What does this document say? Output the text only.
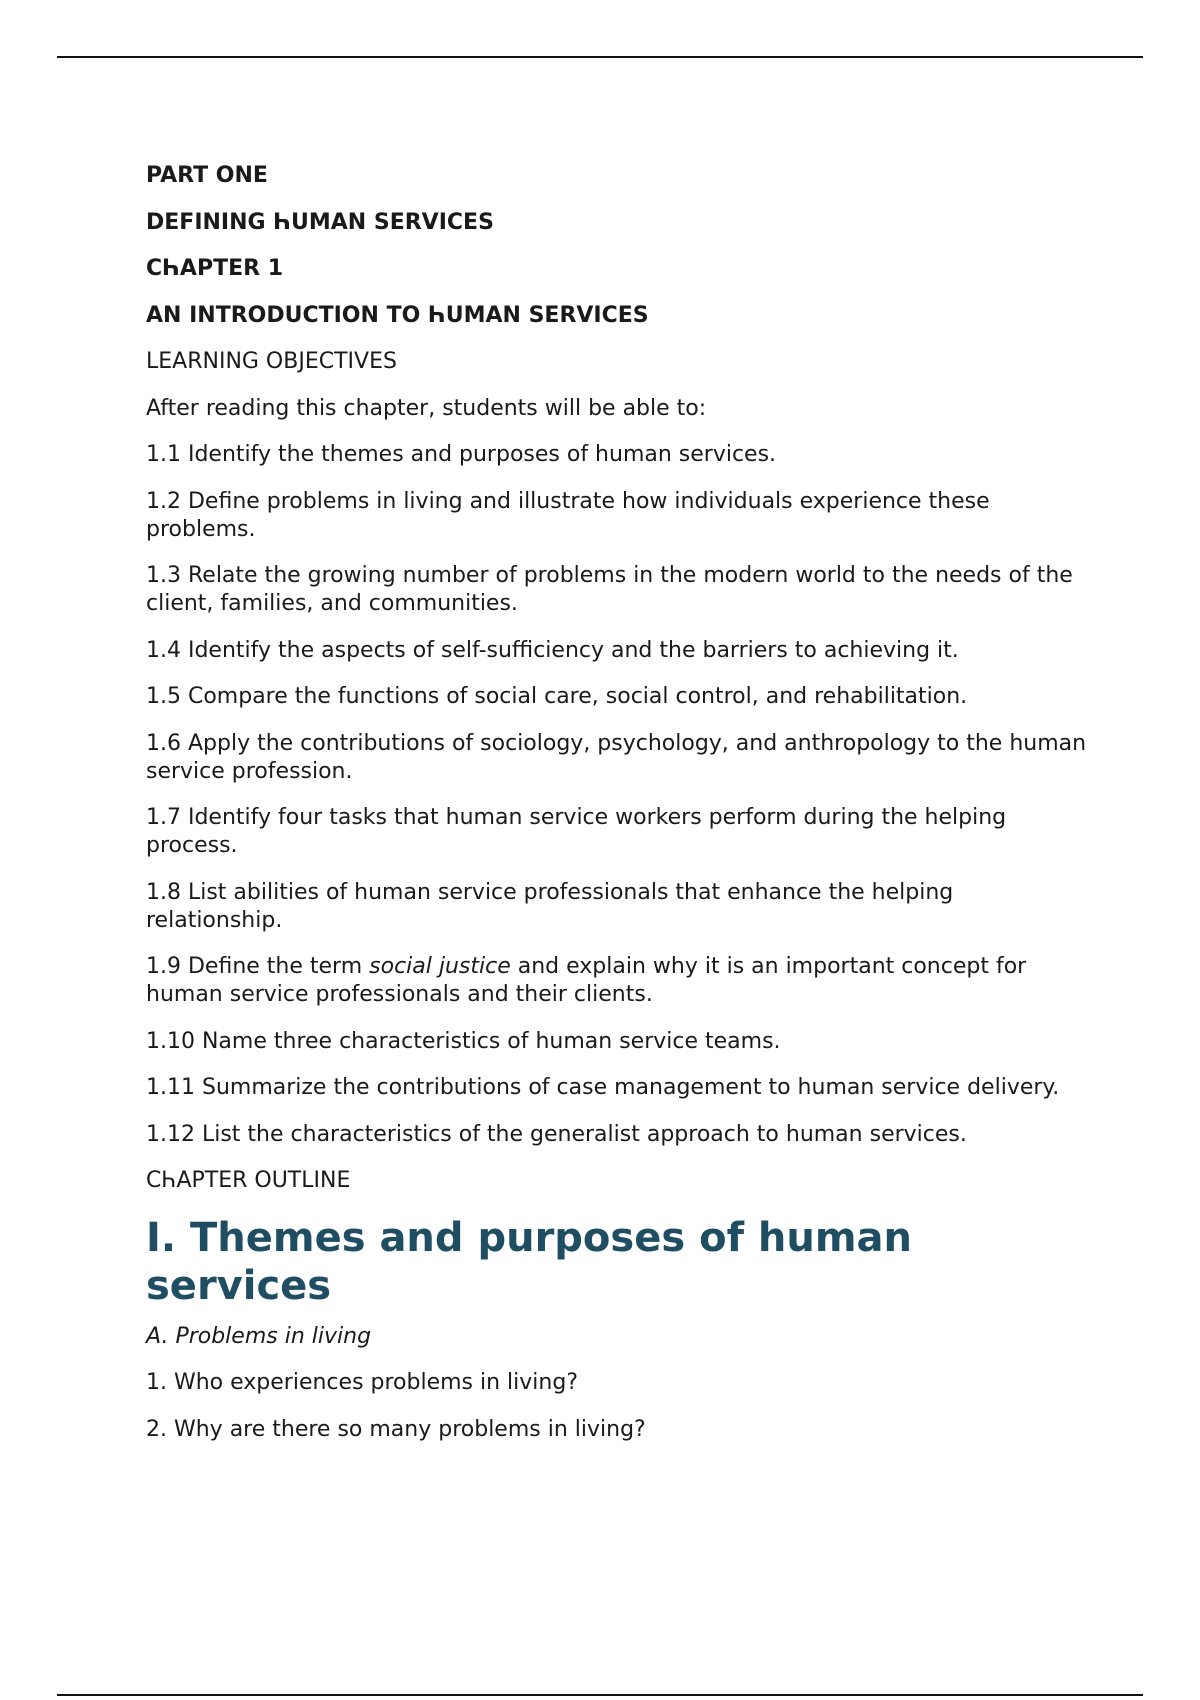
PART ONE

DEFINING ҺUMAN SERVICES

CҺAPTER 1

AN INTRODUCTION TO ҺUMAN SERVICES

LEARNING OBJECTIVES

After reading this chapter, students will be able to:

1.1 Identify the themes and purposes of human services.

1.2 Define problems in living and illustrate how individuals experience these problems.

1.3 Relate the growing number of problems in the modern world to the needs of the client, families, and communities.

1.4 Identify the aspects of self-sufficiency and the barriers to achieving it.

1.5 Compare the functions of social care, social control, and rehabilitation.

1.6 Apply the contributions of sociology, psychology, and anthropology to the human service profession.

1.7 Identify four tasks that human service workers perform during the helping process.

1.8 List abilities of human service professionals that enhance the helping relationship.

1.9 Define the term social justice and explain why it is an important concept for human service professionals and their clients.

1.10 Name three characteristics of human service teams.

1.11 Summarize the contributions of case management to human service delivery.

1.12 List the characteristics of the generalist approach to human services.

CҺAPTER OUTLINE

I. Themes and purposes of human services

A. Problems in living

1. Who experiences problems in living?

2. Why are there so many problems in living?
